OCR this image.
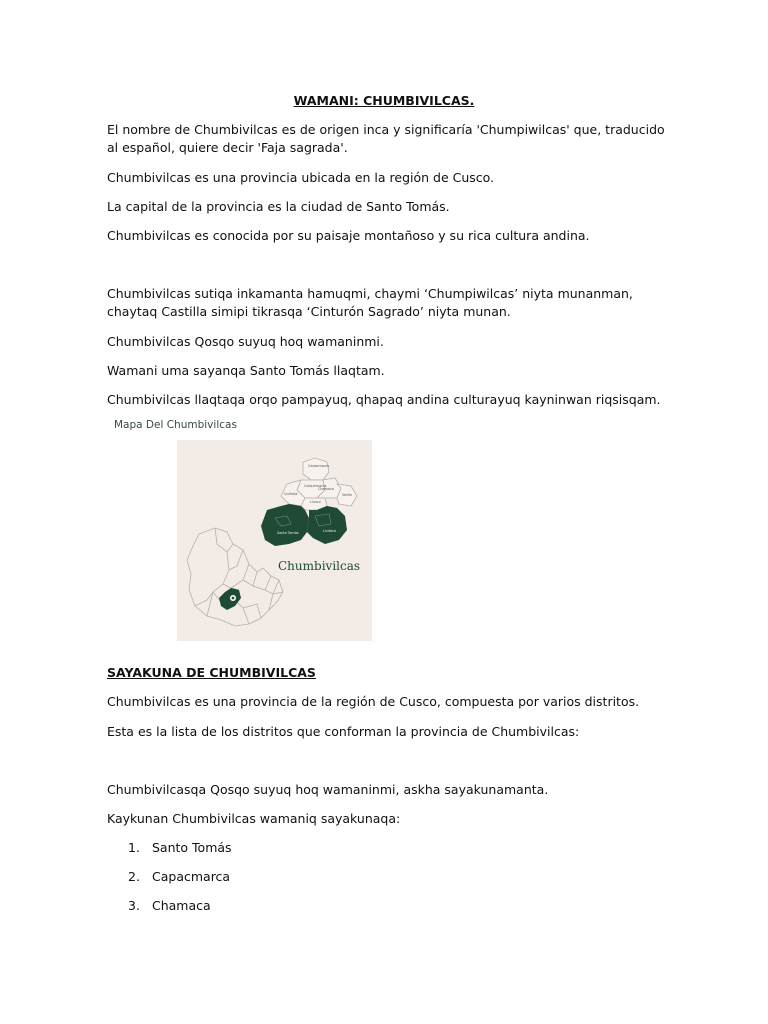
WAMANI: CHUMBIVILCAS.

El nombre de Chumbivilcas es de origen inca y significaría 'Chumpiwilcas' que, traducido al español, quiere decir 'Faja sagrada'.

Chumbivilcas es una provincia ubicada en la región de Cusco.

La capital de la provincia es la ciudad de Santo Tomás.

Chumbivilcas es conocida por su paisaje montañoso y su rica cultura andina.

Chumbivilcas sutiqa inkamanta hamuqmi, chaymi ‘Chumpiwilcas’ niyta munanman, chaytaq Castilla simipi tikrasqa ‘Cinturón Sagrado’ niyta munan.

Chumbivilcas Qosqo suyuq hoq wamaninmi.

Wamani uma sayanqa Santo Tomás llaqtam.

Chumbivilcas llaqtaqa orqo pampayuq, qhapaq andina culturayuq kayninwan riqsisqam.

Mapa Del Chumbivilcas
Capacmarca
Colquemarca
Quiñota
Chamaca
Velille
Llusco
Santo Tomás	Livitaca
Chumbivilcas

SAYAKUNA DE CHUMBIVILCAS

Chumbivilcas es una provincia de la región de Cusco, compuesta por varios distritos.

Esta es la lista de los distritos que conforman la provincia de Chumbivilcas:

Chumbivilcasqa Qosqo suyuq hoq wamaninmi, askha sayakunamanta.

Kaykunan Chumbivilcas wamaniq sayakunaqa:

1. Santo Tomás
2. Capacmarca
3. Chamaca
